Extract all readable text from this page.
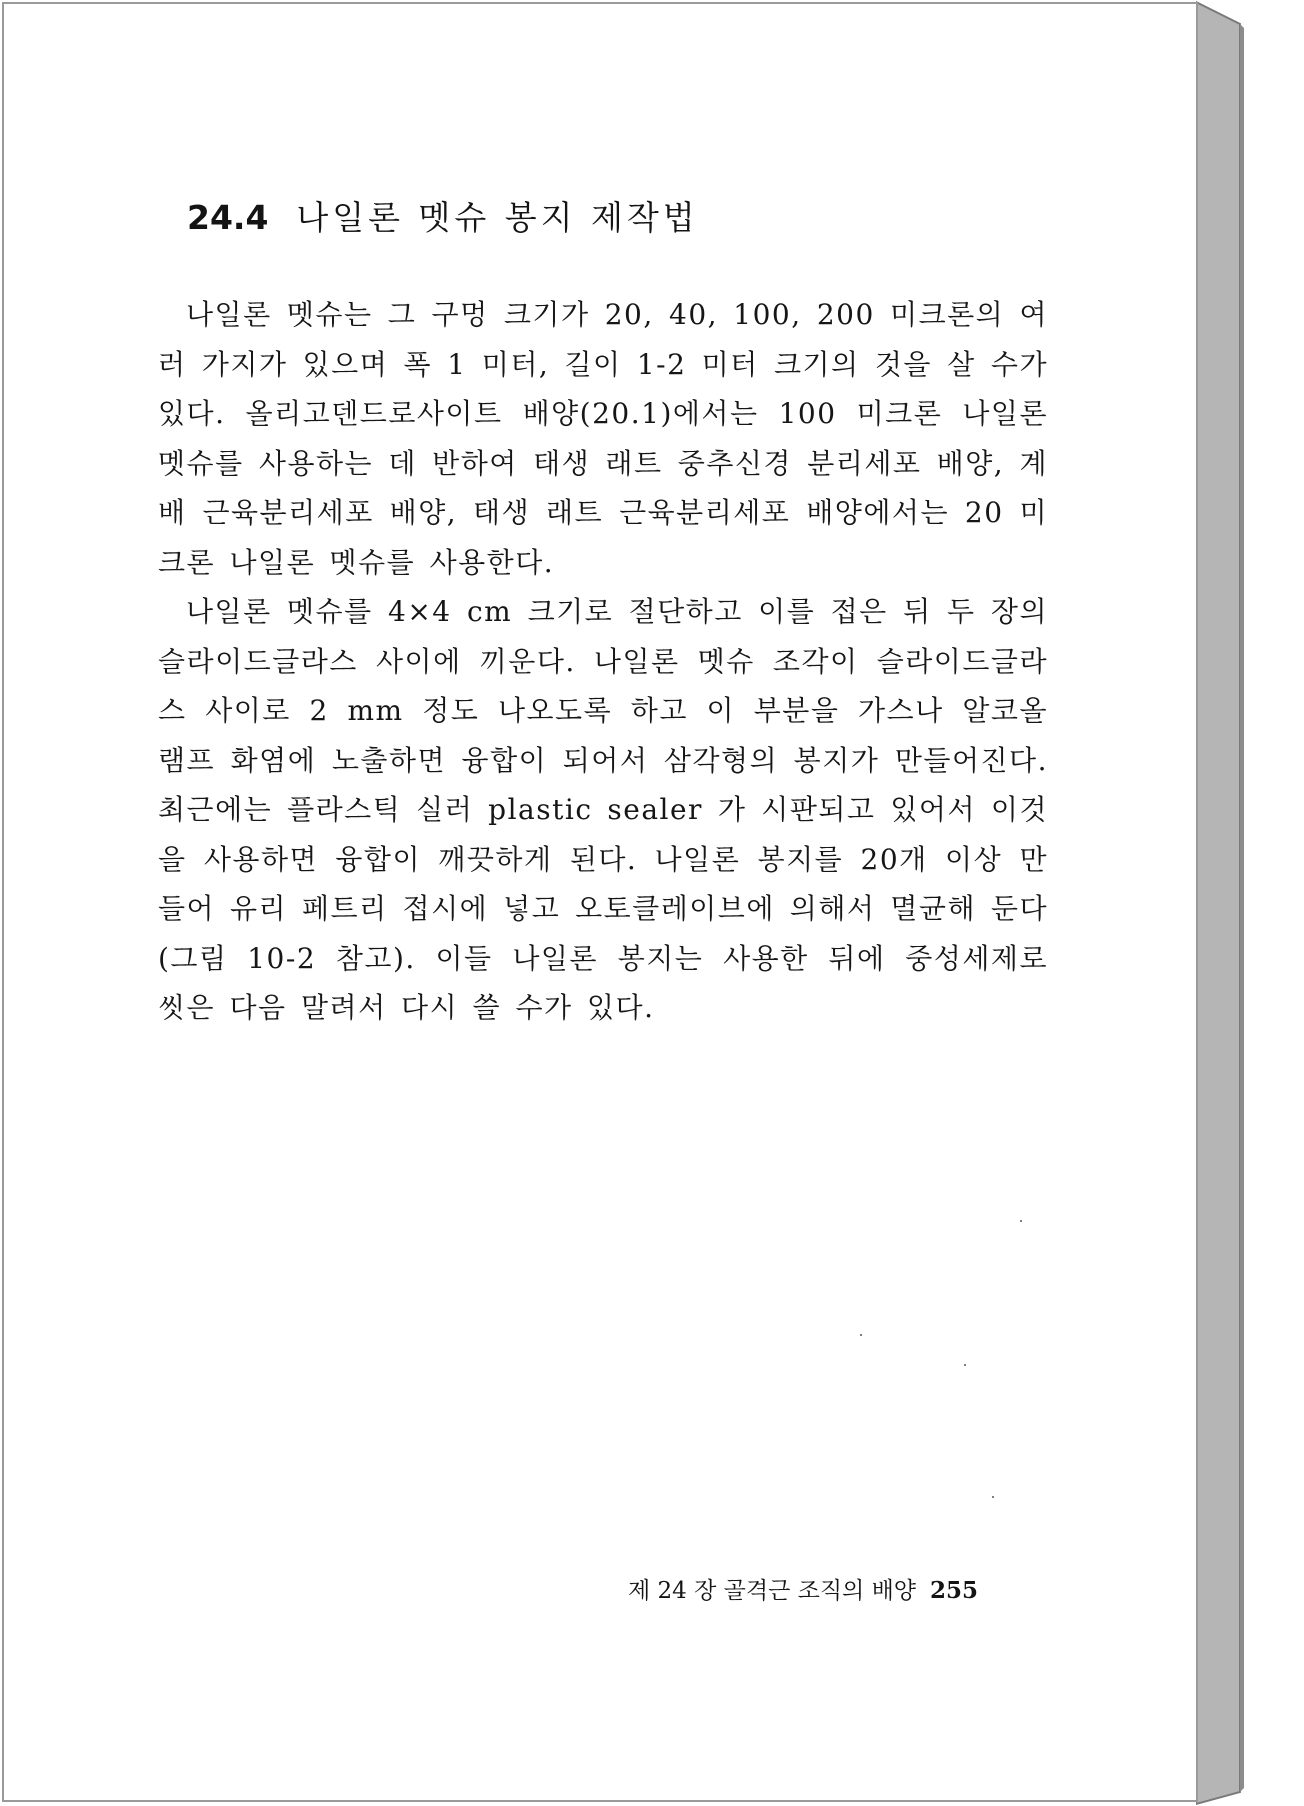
24.4 나일론 멧슈 봉지 제작법

나일론 멧슈는 그 구멍 크기가 20, 40, 100, 200 미크론의 여러 가지가 있으며 폭 1 미터, 길이 1-2 미터 크기의 것을 살 수가 있다. 올리고덴드로사이트 배양(20.1)에서는 100 미크론 나일론 멧슈를 사용하는 데 반하여 태생 래트 중추신경 분리세포 배양, 계배 근육분리세포 배양, 태생 래트 근육분리세포 배양에서는 20 미크론 나일론 멧슈를 사용한다.

나일론 멧슈를 4×4 cm 크기로 절단하고 이를 접은 뒤 두 장의 슬라이드글라스 사이에 끼운다. 나일론 멧슈 조각이 슬라이드글라스 사이로 2 mm 정도 나오도록 하고 이 부분을 가스나 알코올 램프 화염에 노출하면 융합이 되어서 삼각형의 봉지가 만들어진다. 최근에는 플라스틱 실러 plastic sealer 가 시판되고 있어서 이것을 사용하면 융합이 깨끗하게 된다. 나일론 봉지를 20개 이상 만들어 유리 페트리 접시에 넣고 오토클레이브에 의해서 멸균해 둔다(그림 10-2 참고). 이들 나일론 봉지는 사용한 뒤에 중성세제로 씻은 다음 말려서 다시 쓸 수가 있다.

제 24 장 골격근 조직의 배양 255
